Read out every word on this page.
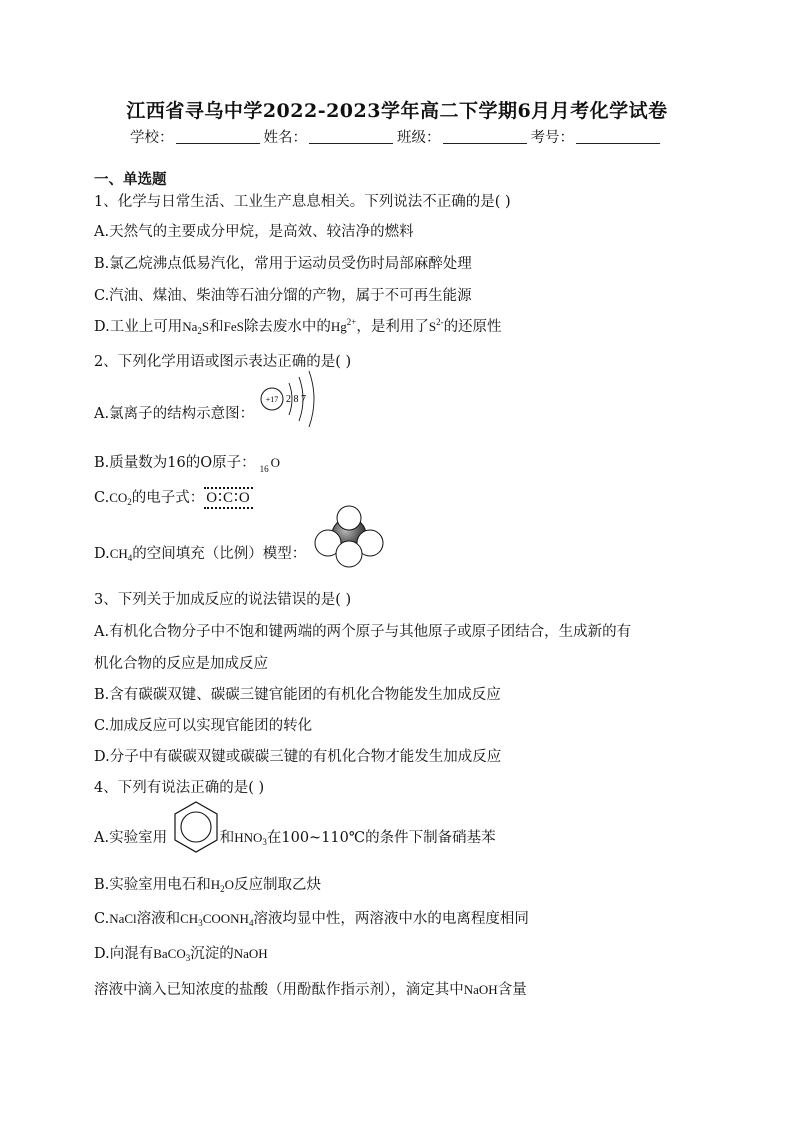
江西省寻乌中学2022-2023学年高二下学期6月月考化学试卷
学校：	姓名：	班级：	考号：
一、单选题
1、化学与日常生活、工业生产息息相关。下列说法不正确的是( )
A.天然气的主要成分甲烷，是高效、较洁净的燃料
B.氯乙烷沸点低易汽化，常用于运动员受伤时局部麻醉处理
C.汽油、煤油、柴油等石油分馏的产物，属于不可再生能源
D.工业上可用$Na_2S$和FeS除去废水中的$Hg^{2+}$，是利用了$S^{2-}$的还原性
2、下列化学用语或图示表达正确的是( )
A.氯离子的结构示意图：
+17 2 8 7
B.质量数为16的O原子： $_{16}$ O
$C.CO_2$的电子式： O∶C∶O
$D.CH_4$的空间填充（比例）模型：
3、下列关于加成反应的说法错误的是( )
A.有机化合物分子中不饱和键两端的两个原子与其他原子或原子团结合，生成新的有
机化合物的反应是加成反应
B.含有碳碳双键、碳碳三键官能团的有机化合物能发生加成反应
C.加成反应可以实现官能团的转化
D.分子中有碳碳双键或碳碳三键的有机化合物才能发生加成反应
4、下列有说法正确的是( )
A.实验室用	和$HNO_3$在100~110℃的条件下制备硝基苯
B.实验室用电石和$H_2O$反应制取乙炔
C.NaCl溶液和$CH_3COONH_4$溶液均显中性，两溶液中水的电离程度相同
D.向混有BaCO$_3$沉淀的NaOH
溶液中滴入已知浓度的盐酸（用酚酞作指示剂），滴定其中NaOH含量
